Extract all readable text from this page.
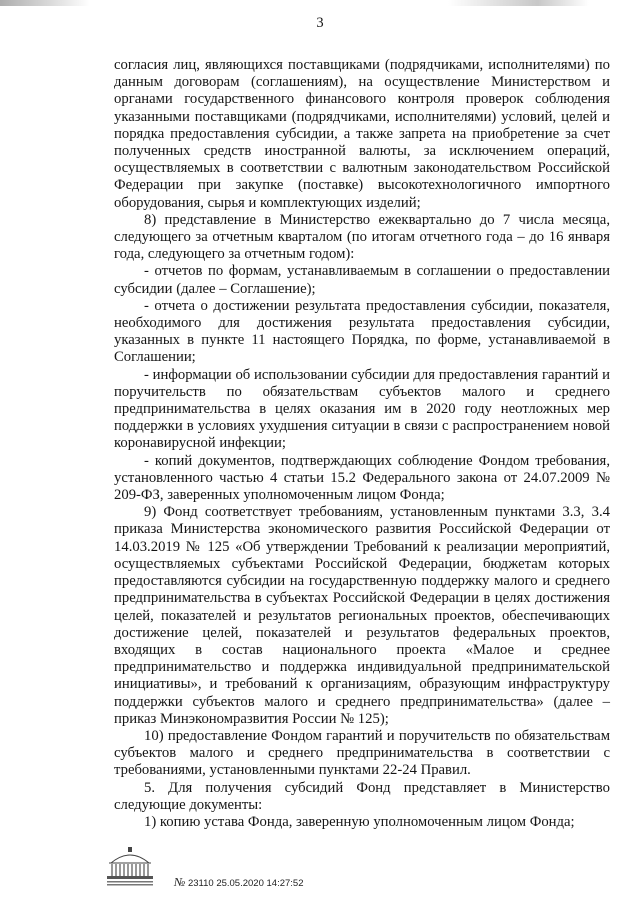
3

согласия лиц, являющихся поставщиками (подрядчиками, исполнителями) по данным договорам (соглашениям), на осуществление Министерством и органами государственного финансового контроля проверок соблюдения указанными поставщиками (подрядчиками, исполнителями) условий, целей и порядка предоставления субсидии, а также запрета на приобретение за счет полученных средств иностранной валюты, за исключением операций, осуществляемых в соответствии с валютным законодательством Российской Федерации при закупке (поставке) высокотехнологичного импортного оборудования, сырья и комплектующих изделий;

8) представление в Министерство ежеквартально до 7 числа месяца, следующего за отчетным кварталом (по итогам отчетного года – до 16 января года, следующего за отчетным годом):

- отчетов по формам, устанавливаемым в соглашении о предоставлении субсидии (далее – Соглашение);

- отчета о достижении результата предоставления субсидии, показателя, необходимого для достижения результата предоставления субсидии, указанных в пункте 11 настоящего Порядка, по форме, устанавливаемой в Соглашении;

- информации об использовании субсидии для предоставления гарантий и поручительств по обязательствам субъектов малого и среднего предпринимательства в целях оказания им в 2020 году неотложных мер поддержки в условиях ухудшения ситуации в связи с распространением новой коронавирусной инфекции;

- копий документов, подтверждающих соблюдение Фондом требования, установленного частью 4 статьи 15.2 Федерального закона от 24.07.2009 № 209-ФЗ, заверенных уполномоченным лицом Фонда;

9) Фонд соответствует требованиям, установленным пунктами 3.3, 3.4 приказа Министерства экономического развития Российской Федерации от 14.03.2019 № 125 «Об утверждении Требований к реализации мероприятий, осуществляемых субъектами Российской Федерации, бюджетам которых предоставляются субсидии на государственную поддержку малого и среднего предпринимательства в субъектах Российской Федерации в целях достижения целей, показателей и результатов региональных проектов, обеспечивающих достижение целей, показателей и результатов федеральных проектов, входящих в состав национального проекта «Малое и среднее предпринимательство и поддержка индивидуальной предпринимательской инициативы», и требований к организациям, образующим инфраструктуру поддержки субъектов малого и среднего предпринимательства» (далее – приказ Минэкономразвития России № 125);

10) предоставление Фондом гарантий и поручительств по обязательствам субъектов малого и среднего предпринимательства в соответствии с требованиями, установленными пунктами 22-24 Правил.

5. Для получения субсидий Фонд представляет в Министерство следующие документы:

1) копию устава Фонда, заверенную уполномоченным лицом Фонда;

№ 23110 25.05.2020 14:27:52
